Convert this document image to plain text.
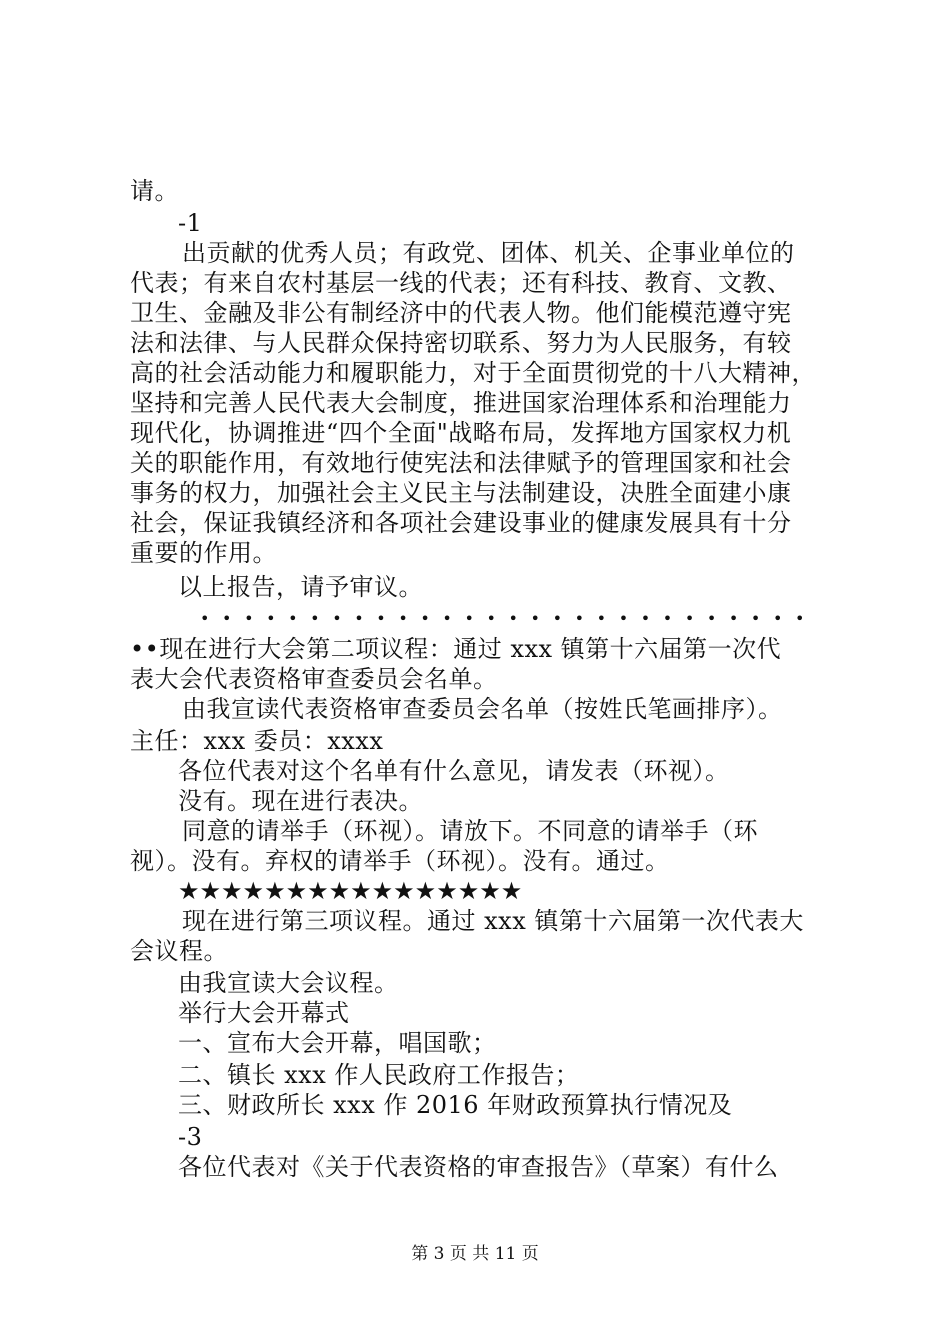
请。
-1
出贡献的优秀人员；有政党、团体、机关、企事业单位的
代表；有来自农村基层一线的代表；还有科技、教育、文教、
卫生、金融及非公有制经济中的代表人物。他们能模范遵守宪
法和法律、与人民群众保持密切联系、努力为人民服务，有较
高的社会活动能力和履职能力，对于全面贯彻党的十八大精神，
坚持和完善人民代表大会制度，推进国家治理体系和治理能力
现代化，协调推进“四个全面"战略布局，发挥地方国家权力机
关的职能作用，有效地行使宪法和法律赋予的管理国家和社会
事务的权力，加强社会主义民主与法制建设，决胜全面建小康
社会，保证我镇经济和各项社会建设事业的健康发展具有十分
重要的作用。
以上报告，请予审议。
••••••••••••••••••••••••••••
••现在进行大会第二项议程：通过 xxx 镇第十六届第一次代
表大会代表资格审查委员会名单。
由我宣读代表资格审查委员会名单（按姓氏笔画排序）。
主任：xxx 委员：xxxx
各位代表对这个名单有什么意见，请发表（环视）。
没有。现在进行表决。
同意的请举手（环视）。请放下。不同意的请举手（环
视）。没有。弃权的请举手（环视）。没有。通过。
★★★★★★★★★★★★★★★★
现在进行第三项议程。通过 xxx 镇第十六届第一次代表大
会议程。
由我宣读大会议程。
举行大会开幕式
一、宣布大会开幕，唱国歌；
二、镇长 xxx 作人民政府工作报告；
三、财政所长 xxx 作 2016 年财政预算执行情况及
-3
各位代表对《关于代表资格的审查报告》（草案）有什么
第 3 页 共 11 页
